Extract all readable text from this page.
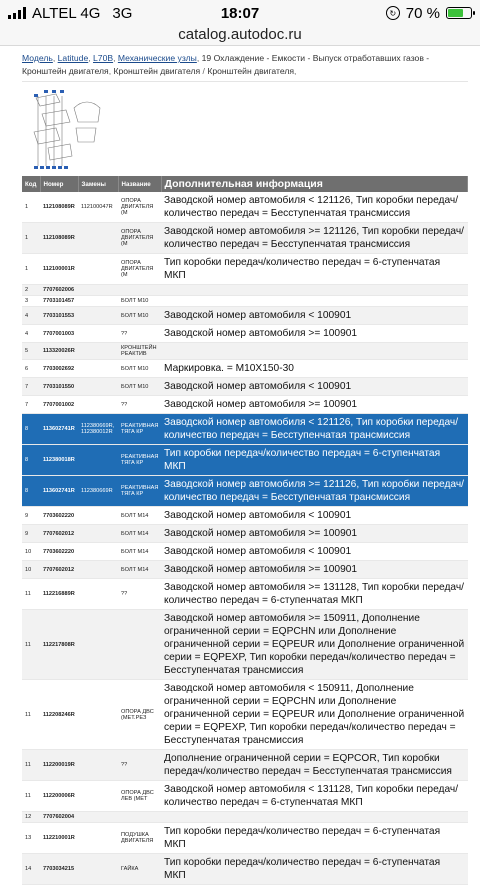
ALTEL 4G 3G	18:07	↻ 70 %
catalog.autodoc.ru
Модель, Latitude, L70B, Механические узлы, 19 Охлаждение - Емкости - Выпуск отработавших газов - Кронштейн двигателя, Кронштейн двигателя / Кронштейн двигателя,
Код	Номер	Замены	Название	Дополнительная информация
1	112108089R	112100047R	ОПОРА ДВИГАТЕЛЯ (М	Заводской номер автомобиля < 121126, Тип коробки передач/количество передач = Бесступенчатая трансмиссия
1	112108089R		ОПОРА ДВИГАТЕЛЯ (М	Заводской номер автомобиля >= 121126, Тип коробки передач/количество передач = Бесступенчатая трансмиссия
1	112100001R		ОПОРА ДВИГАТЕЛЯ (М	Тип коробки передач/количество передач = 6-ступенчатая МКП
2	7707602006			
3	7703101457		БОЛТ М10	
4	7703101553		БОЛТ М10	Заводской номер автомобиля < 100901
4	7707001003		??	Заводской номер автомобиля >= 100901
5	113320026R		КРОНШТЕЙН РЕАКТИВ	
6	7703002692		БОЛТ М10	Маркировка. = M10X150-30
7	7703101550		БОЛТ М10	Заводской номер автомобиля < 100901
7	7707001002		??	Заводской номер автомобиля >= 100901
8	113602741R	112380669R, 112380012R	РЕАКТИВНАЯ ТЯГА КР	Заводской номер автомобиля < 121126, Тип коробки передач/количество передач = Бесступенчатая трансмиссия
8	112380018R		РЕАКТИВНАЯ ТЯГА КР	Тип коробки передач/количество передач = 6-ступенчатая МКП
8	113602741R	112380669R	РЕАКТИВНАЯ ТЯГА КР	Заводской номер автомобиля >= 121126, Тип коробки передач/количество передач = Бесступенчатая трансмиссия
9	7703602220		БОЛТ М14	Заводской номер автомобиля < 100901
9	7707602012		БОЛТ М14	Заводской номер автомобиля >= 100901
10	7703602220		БОЛТ М14	Заводской номер автомобиля < 100901
10	7707602012		БОЛТ М14	Заводской номер автомобиля >= 100901
11	112216889R		??	Заводской номер автомобиля >= 131128, Тип коробки передач/количество передач = 6-ступенчатая МКП
11	112217808R			Заводской номер автомобиля >= 150911, Дополнение ограниченной серии = EQPCHN или Дополнение ограниченной серии = EQPEUR или Дополнение ограниченной серии = EQPEXP, Тип коробки передач/количество передач = Бесступенчатая трансмиссия
11	112208246R		ОПОРА ДВС (МЕТ.РЕЗ	Заводской номер автомобиля < 150911, Дополнение ограниченной серии = EQPCHN или Дополнение ограниченной серии = EQPEUR или Дополнение ограниченной серии = EQPEXP, Тип коробки передач/количество передач = Бесступенчатая трансмиссия
11	112200019R		??	Дополнение ограниченной серии = EQPCOR, Тип коробки передач/количество передач = Бесступенчатая трансмиссия
11	112200006R		ОПОРА ДВС ЛЕВ (МЕТ	Заводской номер автомобиля < 131128, Тип коробки передач/количество передач = 6-ступенчатая МКП
12	7707602004			
13	112210001R		ПОДУШКА ДВИГАТЕЛЯ	Тип коробки передач/количество передач = 6-ступенчатая МКП
14	7703034215		ГАЙКА	Тип коробки передач/количество передач = 6-ступенчатая МКП
